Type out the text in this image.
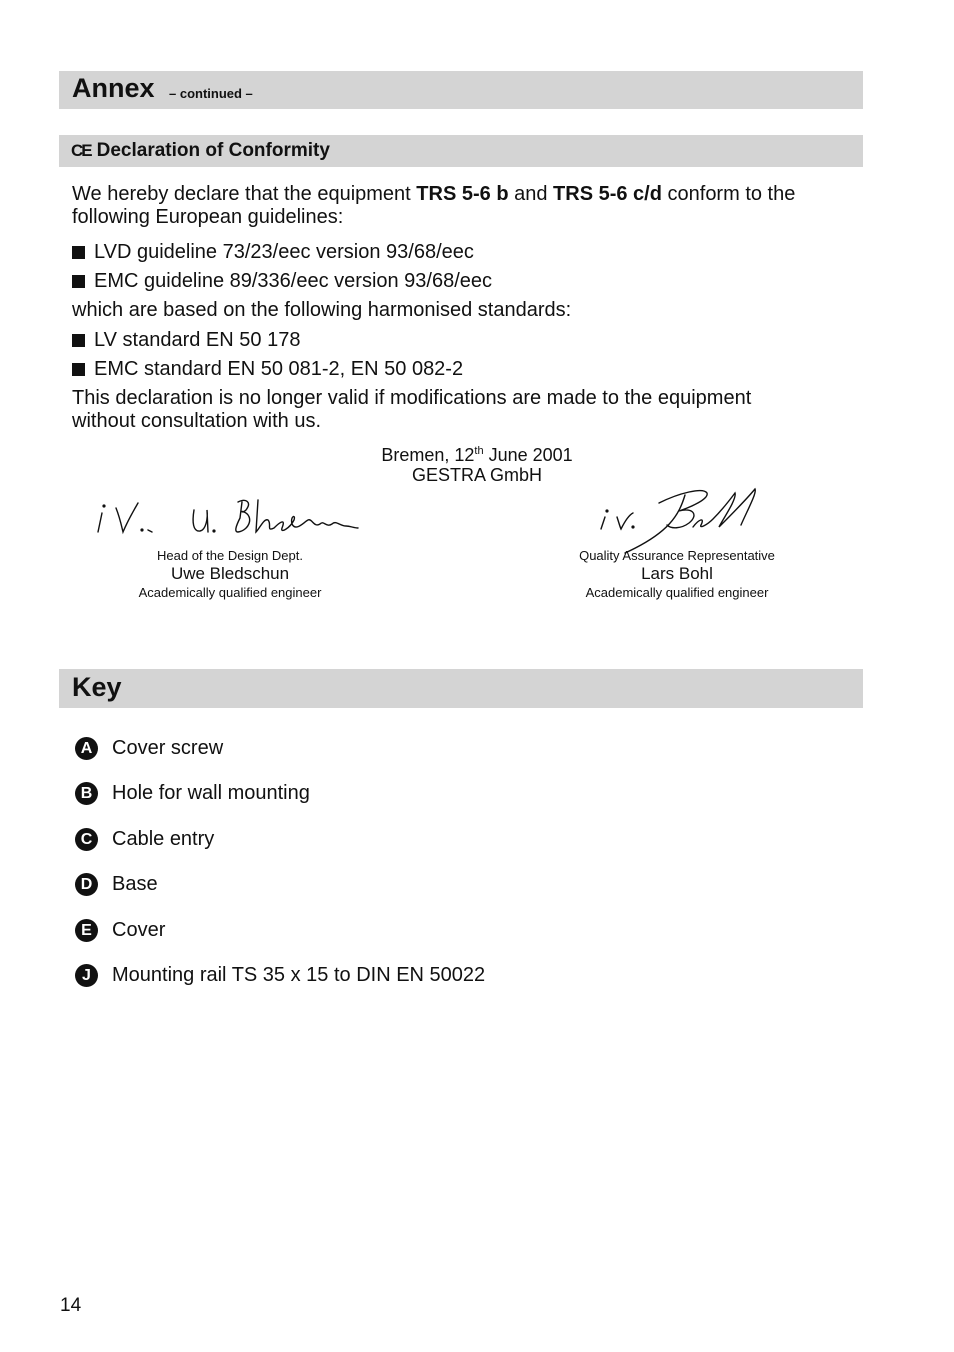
Annex – continued –
CE Declaration of Conformity
We hereby declare that the equipment TRS 5-6 b and TRS 5-6 c/d conform to the following European guidelines:
LVD guideline 73/23/eec version 93/68/eec
EMC guideline 89/336/eec version 93/68/eec
which are based on the following harmonised standards:
LV standard EN 50 178
EMC standard EN 50 081-2, EN 50 082-2
This declaration is no longer valid if modifications are made to the equipment without consultation with us.
Bremen, 12th June 2001
GESTRA GmbH
Head of the Design Dept.
Uwe Bledschun
Academically qualified engineer
Quality Assurance Representative
Lars Bohl
Academically qualified engineer
Key
A Cover screw
B Hole for wall mounting
C Cable entry
D Base
E	Cover
J	Mounting rail TS 35 x 15 to DIN EN 50022
14
